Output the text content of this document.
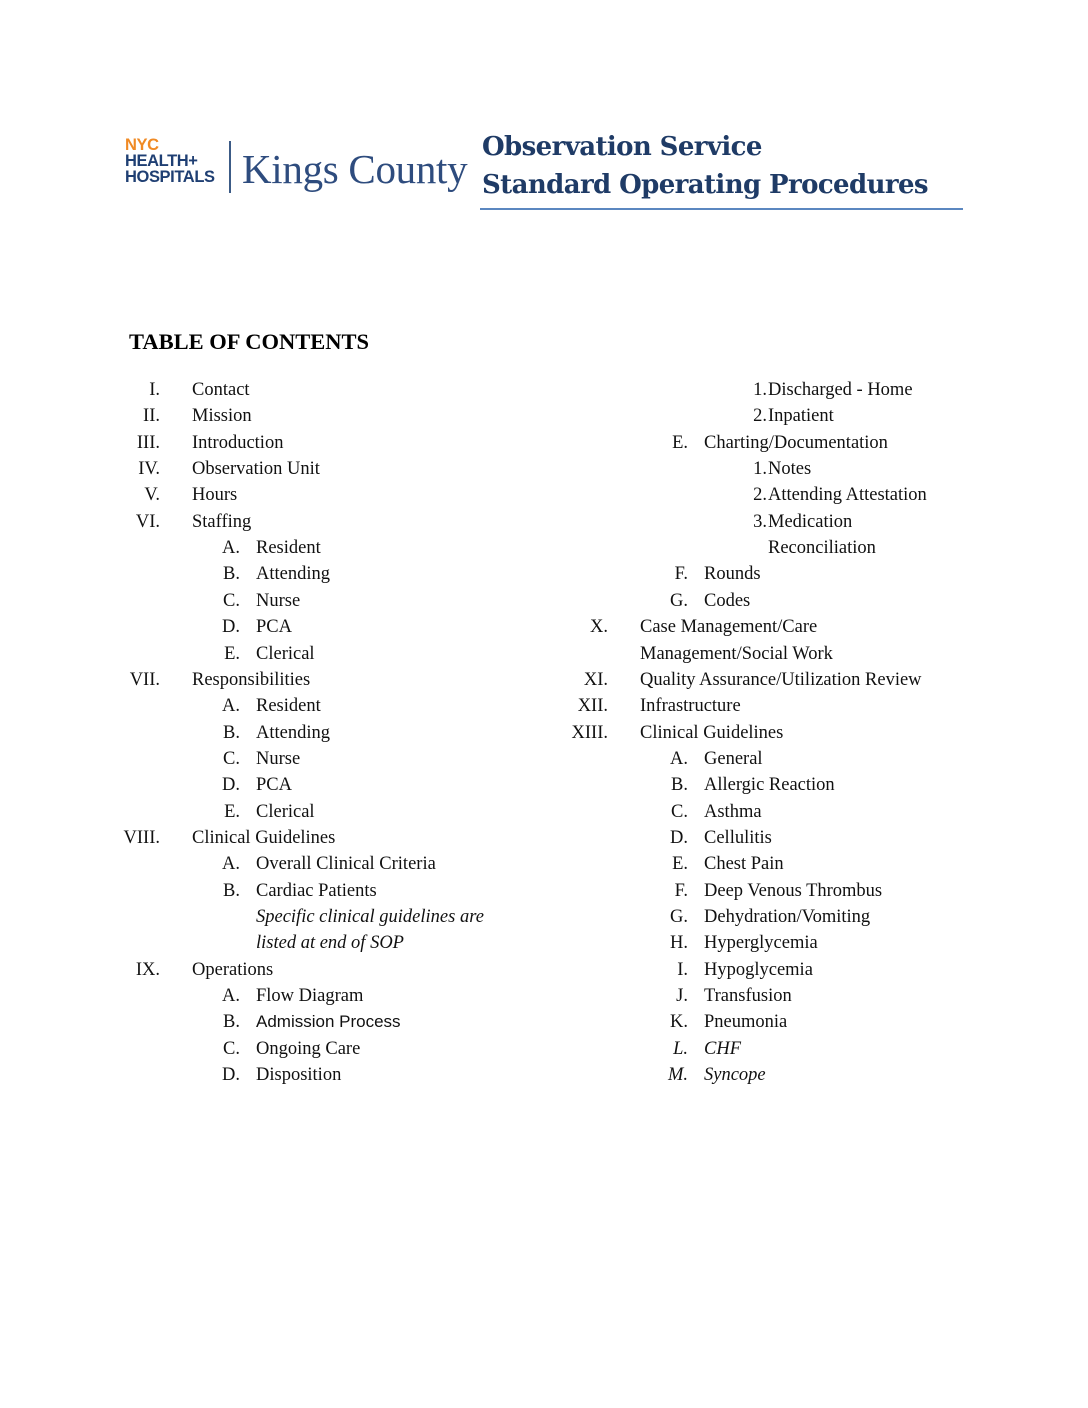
NYC
HEALTH+
HOSPITALS Kings County Observation Service
Standard Operating Procedures
TABLE OF CONTENTS
I. Contact
II. Mission
III. Introduction
IV. Observation Unit
V. Hours
VI. Staffing
A. Resident
B. Attending
C. Nurse
D. PCA
E. Clerical
VII. Responsibilities
A. Resident
B. Attending
C. Nurse
D. PCA
E. Clerical
VIII. Clinical Guidelines
A. Overall Clinical Criteria
B. Cardiac Patients
Specific clinical guidelines are
listed at end of SOP
IX. Operations
A. Flow Diagram
B. Admission Process
C. Ongoing Care
D. Disposition
1. Discharged - Home
2. Inpatient
E. Charting/Documentation
1. Notes
2. Attending Attestation
3. Medication
Reconciliation
F. Rounds
G. Codes
X. Case Management/Care
Management/Social Work
XI. Quality Assurance/Utilization Review
XII. Infrastructure
XIII. Clinical Guidelines
A. General
B. Allergic Reaction
C. Asthma
D. Cellulitis
E. Chest Pain
F. Deep Venous Thrombus
G. Dehydration/Vomiting
H. Hyperglycemia
I. Hypoglycemia
J. Transfusion
K. Pneumonia
L. CHF
M. Syncope
